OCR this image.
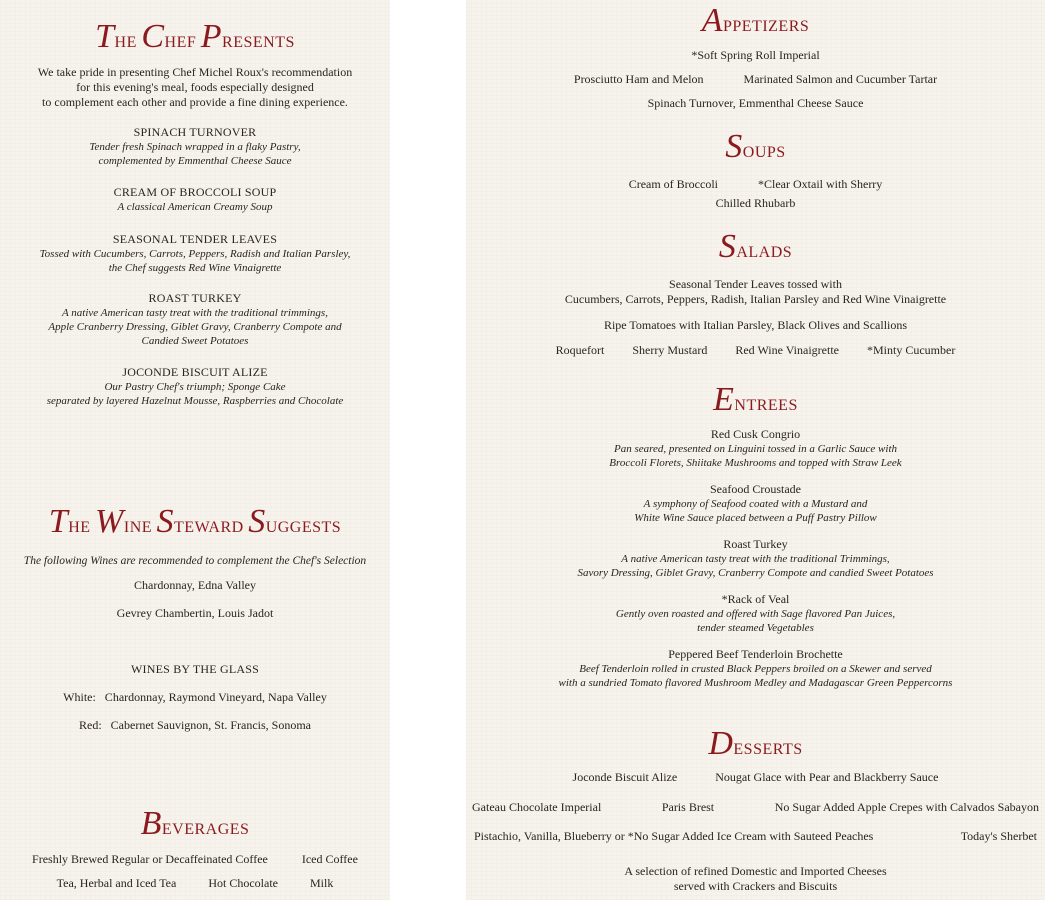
THE CHEF PRESENTS
We take pride in presenting Chef Michel Roux's recommendation
for this evening's meal, foods especially designed
to complement each other and provide a fine dining experience.
SPINACH TURNOVER
Tender fresh Spinach wrapped in a flaky Pastry,
complemented by Emmenthal Cheese Sauce
CREAM OF BROCCOLI SOUP
A classical American Creamy Soup
SEASONAL TENDER LEAVES
Tossed with Cucumbers, Carrots, Peppers, Radish and Italian Parsley,
the Chef suggests Red Wine Vinaigrette
ROAST TURKEY
A native American tasty treat with the traditional trimmings,
Apple Cranberry Dressing, Giblet Gravy, Cranberry Compote and
Candied Sweet Potatoes
JOCONDE BISCUIT ALIZE
Our Pastry Chef's triumph; Sponge Cake
separated by layered Hazelnut Mousse, Raspberries and Chocolate
THE WINE STEWARD SUGGESTS
The following Wines are recommended to complement the Chef's Selection
Chardonnay, Edna Valley
Gevrey Chambertin, Louis Jadot
WINES BY THE GLASS
White:   Chardonnay, Raymond Vineyard, Napa Valley
Red:   Cabernet Sauvignon, St. Francis, Sonoma
BEVERAGES
Freshly Brewed Regular or Decaffeinated Coffee	Iced Coffee
Tea, Herbal and Iced Tea	Hot Chocolate	Milk
APPETIZERS
*Soft Spring Roll Imperial
Prosciutto Ham and Melon	Marinated Salmon and Cucumber Tartar
Spinach Turnover, Emmenthal Cheese Sauce
SOUPS
Cream of Broccoli	*Clear Oxtail with Sherry
Chilled Rhubarb
SALADS
Seasonal Tender Leaves tossed with
Cucumbers, Carrots, Peppers, Radish, Italian Parsley and Red Wine Vinaigrette
Ripe Tomatoes with Italian Parsley, Black Olives and Scallions
Roquefort Sherry Mustard Red Wine Vinaigrette *Minty Cucumber
ENTREES
Red Cusk Congrio
Pan seared, presented on Linguini tossed in a Garlic Sauce with
Broccoli Florets, Shiitake Mushrooms and topped with Straw Leek
Seafood Croustade
A symphony of Seafood coated with a Mustard and
White Wine Sauce placed between a Puff Pastry Pillow
Roast Turkey
A native American tasty treat with the traditional Trimmings,
Savory Dressing, Giblet Gravy, Cranberry Compote and candied Sweet Potatoes
*Rack of Veal
Gently oven roasted and offered with Sage flavored Pan Juices,
tender steamed Vegetables
Peppered Beef Tenderloin Brochette
Beef Tenderloin rolled in crusted Black Peppers broiled on a Skewer and served
with a sundried Tomato flavored Mushroom Medley and Madagascar Green Peppercorns
DESSERTS
Joconde Biscuit Alize	Nougat Glace with Pear and Blackberry Sauce
Gateau Chocolate Imperial	Paris Brest	No Sugar Added Apple Crepes with Calvados Sabayon
Pistachio, Vanilla, Blueberry or *No Sugar Added Ice Cream with Sauteed Peaches	Today's Sherbet
A selection of refined Domestic and Imported Cheeses
served with Crackers and Biscuits
